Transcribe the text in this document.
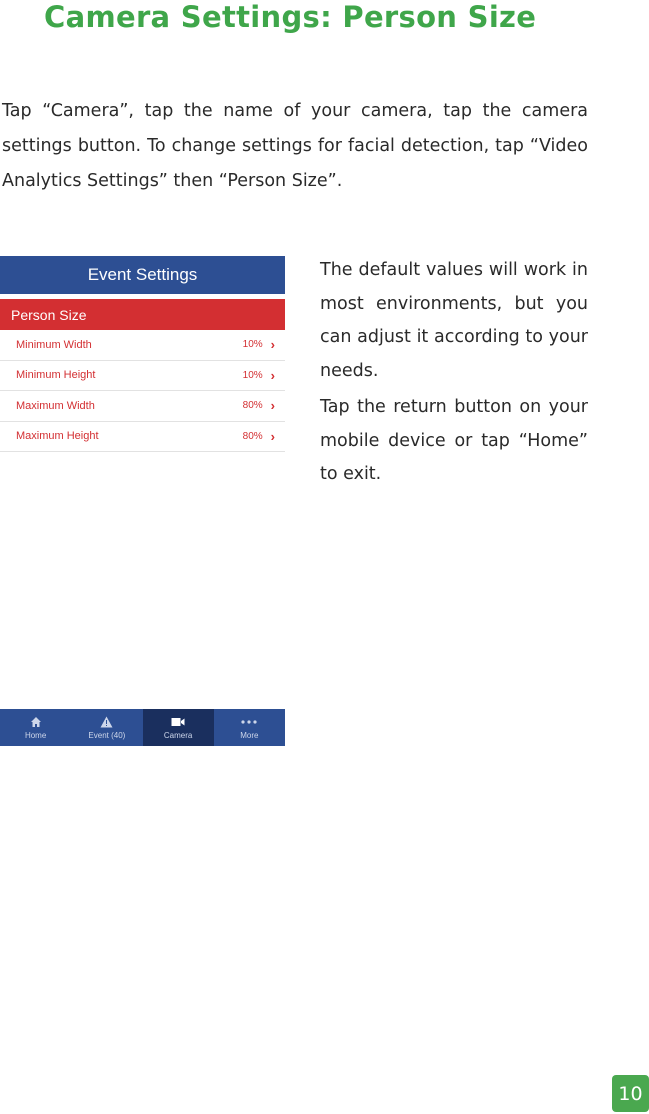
Camera Settings: Person Size
Tap “Camera”, tap the name of your camera, tap the camera settings button. To change settings for facial detection, tap “Video Analytics Settings” then “Person Size”.
Event Settings
Person Size
Minimum Width	10% ›
Minimum Height	10% ›
Maximum Width	80% ›
Maximum Height	80% ›
Home	Event (40)	Camera	More

The default values will work in most environments, but you can adjust it according to your needs.

Tap the return button on your mobile device or tap “Home” to exit.

10
